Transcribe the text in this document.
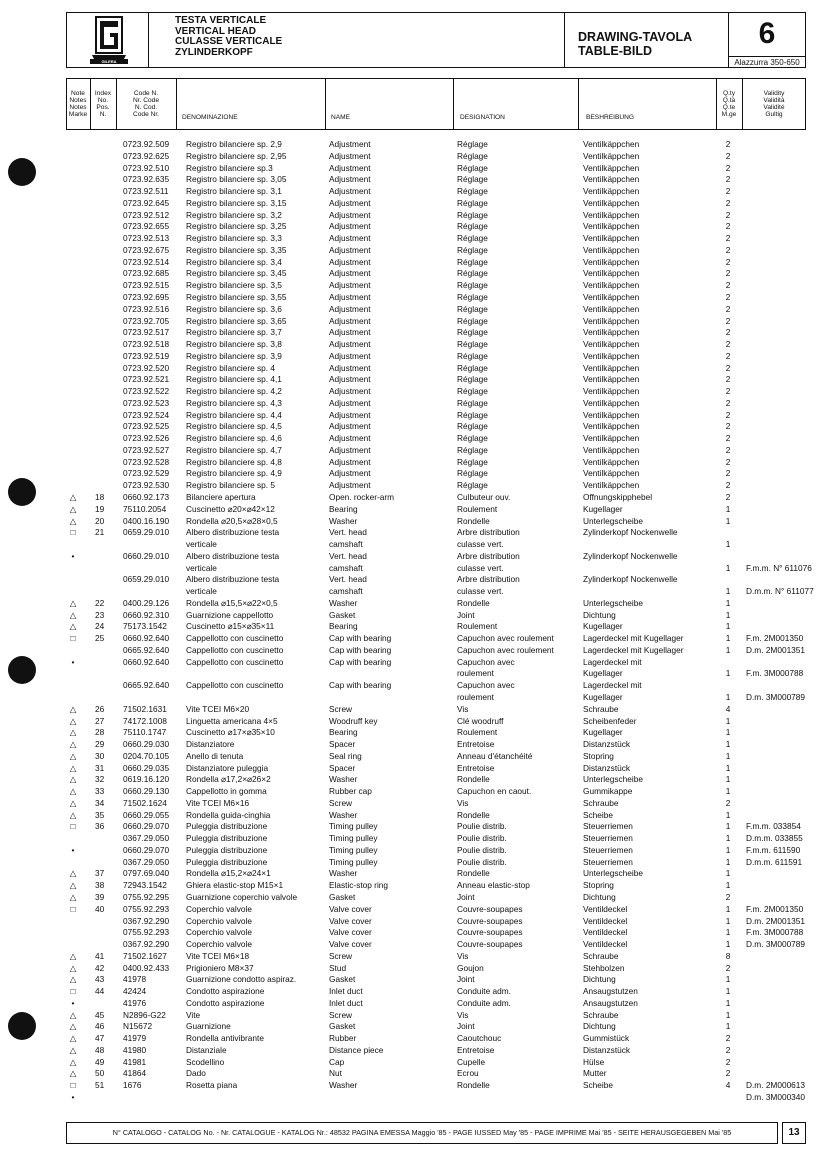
GILERA
TESTA VERTICALE
VERTICAL HEAD
CULASSE VERTICALE
ZYLINDERKOPF
DRAWING-TAVOLA
TABLE-BILD
6
Alazzurra 350-650
Note
Notes
Notes
Marke
Index
No.
Pos.
N.
Code N.
Nr. Code
N. Cod.
Code Nr.	DENOMINAZIONE	NAME	DESIGNATION	BESHREIBUNG
Q.ty
Q.tà
Q.te
M.ge
Validity
Validità
Validité
Gultig
0723.92.509 Registro bilanciere sp. 2,9	Adjustment	Réglage	Ventilkäppchen	2
0723.92.625 Registro bilanciere sp. 2,95	Adjustment	Réglage	Ventilkäppchen	2
0723.92.510 Registro bilanciere sp.3	Adjustment	Réglage	Ventilkäppchen	2
0723.92.635 Registro bilanciere sp. 3,05	Adjustment	Réglage	Ventilkäppchen	2
0723.92.511 Registro bilanciere sp. 3,1	Adjustment	Réglage	Ventilkäppchen	2
0723.92.645 Registro bilanciere sp. 3,15	Adjustment	Réglage	Ventilkäppchen	2
0723.92.512 Registro bilanciere sp. 3,2	Adjustment	Réglage	Ventilkäppchen	2
0723.92.655 Registro bilanciere sp. 3,25	Adjustment	Réglage	Ventilkäppchen	2
0723.92.513 Registro bilanciere sp. 3,3	Adjustment	Réglage	Ventilkäppchen	2
0723.92.675 Registro bilanciere sp. 3,35	Adjustment	Réglage	Ventilkäppchen	2
0723.92.514 Registro bilanciere sp. 3,4	Adjustment	Réglage	Ventilkäppchen	2
0723.92.685 Registro bilanciere sp. 3,45	Adjustment	Réglage	Ventilkäppchen	2
0723.92.515 Registro bilanciere sp. 3,5	Adjustment	Réglage	Ventilkäppchen	2
0723.92.695 Registro bilanciere sp. 3,55	Adjustment	Réglage	Ventilkäppchen	2
0723.92.516 Registro bilanciere sp. 3,6	Adjustment	Réglage	Ventilkäppchen	2
0723.92.705 Registro bilanciere sp. 3,65	Adjustment	Réglage	Ventilkäppchen	2
0723.92.517 Registro bilanciere sp. 3,7	Adjustment	Réglage	Ventilkäppchen	2
0723.92.518 Registro bilanciere sp. 3,8	Adjustment	Réglage	Ventilkäppchen	2
0723.92.519 Registro bilanciere sp. 3,9	Adjustment	Réglage	Ventilkäppchen	2
0723.92.520 Registro bilanciere sp. 4	Adjustment	Réglage	Ventilkäppchen	2
0723.92.521 Registro bilanciere sp. 4,1	Adjustment	Réglage	Ventilkäppchen	2
0723.92.522 Registro bilanciere sp. 4,2	Adjustment	Réglage	Ventilkäppchen	2
0723.92.523 Registro bilanciere sp. 4,3	Adjustment	Réglage	Ventilkäppchen	2
0723.92.524 Registro bilanciere sp. 4,4	Adjustment	Réglage	Ventilkäppchen	2
0723.92.525 Registro bilanciere sp. 4,5	Adjustment	Réglage	Ventilkäppchen	2
0723.92.526 Registro bilanciere sp. 4,6	Adjustment	Réglage	Ventilkäppchen	2
0723.92.527 Registro bilanciere sp. 4,7	Adjustment	Réglage	Ventilkäppchen	2
0723.92.528 Registro bilanciere sp. 4,8	Adjustment	Réglage	Ventilkäppchen	2
0723.92.529 Registro bilanciere sp. 4,9	Adjustment	Réglage	Ventilkäppchen	2
0723.92.530 Registro bilanciere sp. 5	Adjustment	Réglage	Ventilkäppchen	2
△	18 0660.92.173 Bilanciere apertura	Open. rocker-arm	Culbuteur ouv.	Offnungskipphebel	2
△	19 75110.2054 Cuscinetto ⌀20×⌀42×12	Bearing	Roulement	Kugellager	1
△	20 0400.16.190 Rondella ⌀20,5×⌀28×0,5	Washer	Rondelle	Unterlegscheibe	1
□	21 0659.29.010 Albero distribuzione testa	Vert. head	Arbre distribution	Zylinderkopf Nockenwelle
verticale	camshaft	culasse vert.	1
•	0660.29.010 Albero distribuzione testa	Vert. head	Arbre distribution	Zylinderkopf Nockenwelle
verticale	camshaft	culasse vert.	1	F.m.m. N° 611076
0659.29.010 Albero distribuzione testa	Vert. head	Arbre distribution	Zylinderkopf Nockenwelle
verticale	camshaft	culasse vert.	1	D.m.m. N° 611077
△	22 0400.29.126 Rondella ⌀15,5×⌀22×0,5	Washer	Rondelle	Unterlegscheibe	1
△	23 0660.92.310 Guarnizione cappellotto	Gasket	Joint	Dichtung	1
△	24 75173.1542 Cuscinetto ⌀15×⌀35×11	Bearing	Roulement	Kugellager	1
□	25 0660.92.640 Cappellotto con cuscinetto	Cap with bearing	Capuchon avec roulement	Lagerdeckel mit Kugellager	1	F.m. 2M001350
0665.92.640 Cappellotto con cuscinetto	Cap with bearing	Capuchon avec roulement	Lagerdeckel mit Kugellager	1	D.m. 2M001351
•	0660.92.640 Cappellotto con cuscinetto	Cap with bearing	Capuchon avec	Lagerdeckel mit
roulement	Kugellager	1	F.m. 3M000788
0665.92.640 Cappellotto con cuscinetto	Cap with bearing	Capuchon avec	Lagerdeckel mit
roulement	Kugellager	1	D.m. 3M000789
△	26 71502.1631 Vite TCEI M6×20	Screw	Vis	Schraube	4
△	27 74172.1008 Linguetta americana 4×5	Woodruff key	Clé woodruff	Scheibenfeder	1
△	28 75110.1747 Cuscinetto ⌀17×⌀35×10	Bearing	Roulement	Kugellager	1
△	29 0660.29.030 Distanziatore	Spacer	Entretoise	Distanzstück	1
△	30 0204.70.105 Anello di tenuta	Seal ring	Anneau d'étanchéité	Stopring	1
△	31 0660.29.035 Distanziatore puleggia	Spacer	Entretoise	Distanzstück	1
△	32 0619.16.120 Rondella ⌀17,2×⌀26×2	Washer	Rondelle	Unterlegscheibe	1
△	33 0660.29.130 Cappellotto in gomma	Rubber cap	Capuchon en caout.	Gummikappe	1
△	34 71502.1624 Vite TCEI M6×16	Screw	Vis	Schraube	2
△	35 0660.29.055 Rondella guida-cinghia	Washer	Rondelle	Scheibe	1
□	36 0660.29.070 Puleggia distribuzione	Timing pulley	Poulie distrib.	Steuerriemen	1	F.m.m. 033854
0367.29.050 Puleggia distribuzione	Timing pulley	Poulie distrib.	Steuerriemen	1	D.m.m. 033855
•	0660.29.070 Puleggia distribuzione	Timing pulley	Poulie distrib.	Steuerriemen	1	F.m.m. 611590
0367.29.050 Puleggia distribuzione	Timing pulley	Poulie distrib.	Steuerriemen	1	D.m.m. 611591
△	37 0797.69.040 Rondella ⌀15,2×⌀24×1	Washer	Rondelle	Unterlegscheibe	1
△	38 72943.1542 Ghiera elastic-stop M15×1	Elastic-stop ring	Anneau elastic-stop	Stopring	1
△	39 0755.92.295 Guarnizione coperchio valvole	Gasket	Joint	Dichtung	2
□	40 0755.92.293 Coperchio valvole	Valve cover	Couvre-soupapes	Ventildeckel	1	F.m. 2M001350
0367.92.290 Coperchio valvole	Valve cover	Couvre-soupapes	Ventildeckel	1	D.m. 2M001351
0755.92.293 Coperchio valvole	Valve cover	Couvre-soupapes	Ventildeckel	1	F.m. 3M000788
0367.92.290 Coperchio valvole	Valve cover	Couvre-soupapes	Ventildeckel	1	D.m. 3M000789
△	41 71502.1627 Vite TCEI M6×18	Screw	Vis	Schraube	8
△	42 0400.92.433 Prigioniero M8×37	Stud	Goujon	Stehbolzen	2
△	43 41978	Guarnizione condotto aspiraz.	Gasket	Joint	Dichtung	1
□	44 42424	Condotto aspirazione	Inlet duct	Conduite adm.	Ansaugstutzen	1
•	41976	Condotto aspirazione	Inlet duct	Conduite adm.	Ansaugstutzen	1
△	45 N2896-G22 Vite	Screw	Vis	Schraube	1
△	46 N15672	Guarnizione	Gasket	Joint	Dichtung	1
△	47 41979	Rondella antivibrante	Rubber	Caoutchouc	Gummistück	2
△	48 41980	Distanziale	Distance piece	Entretoise	Distanzstück	2
△	49 41981	Scodellino	Cap	Cupelle	Hülse	2
△	50 41864	Dado	Nut	Ecrou	Mutter	2
□	51 1676	Rosetta piana	Washer	Rondelle	Scheibe	4	D.m. 2M000613
•	D.m. 3M000340
N° CATALOGO - CATALOG No. - Nr. CATALOGUE - KATALOG Nr.: 48532 PAGINA EMESSA Maggio '85 - PAGE IUSSED May '85 - PAGE IMPRIME Mai '85 - SEITE HERAUSGEGEBEN Mai '85	13
